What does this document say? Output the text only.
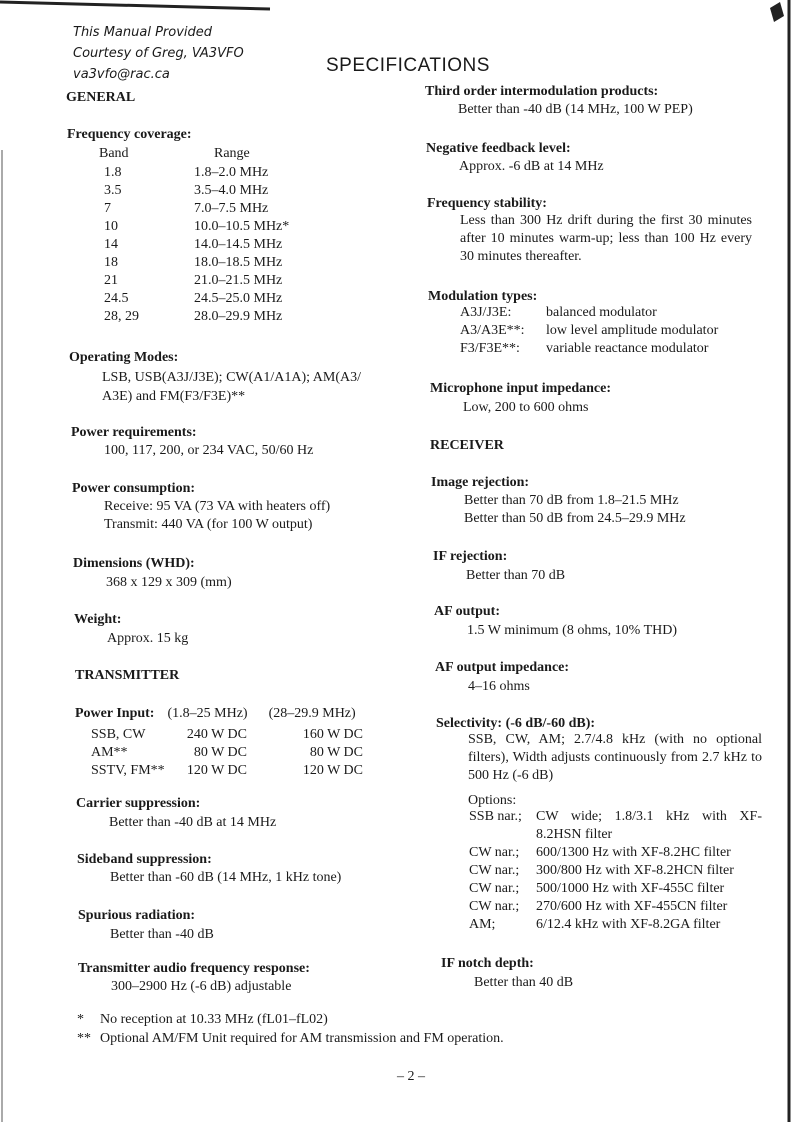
This Manual Provided
Courtesy of Greg, VA3VFO
va3vfo@rac.ca	SPECIFICATIONS
GENERAL
Frequency coverage:
Band	Range
1.8	1.8–2.0 MHz
3.5	3.5–4.0 MHz
7	7.0–7.5 MHz
10	10.0–10.5 MHz*
14	14.0–14.5 MHz
18	18.0–18.5 MHz
21	21.0–21.5 MHz
24.5	24.5–25.0 MHz
28, 29	28.0–29.9 MHz
Operating Modes:
LSB, USB(A3J/J3E); CW(A1/A1A); AM(A3/
A3E) and FM(F3/F3E)**
Power requirements:
100, 117, 200, or 234 VAC, 50/60 Hz
Power consumption:
Receive: 95 VA (73 VA with heaters off)
Transmit: 440 VA (for 100 W output)
Dimensions (WHD):
368 x 129 x 309 (mm)
Weight:
Approx. 15 kg
TRANSMITTER
Power Input: (1.8–25 MHz) (28–29.9 MHz)
SSB, CW	240 W DC		160 W DC
AM**	80 W DC		80 W DC
SSTV, FM**	120 W DC		120 W DC
Carrier suppression:
Better than -40 dB at 14 MHz
Sideband suppression:
Better than -60 dB (14 MHz, 1 kHz tone)
Spurious radiation:
Better than -40 dB
Transmitter audio frequency response:
300–2900 Hz (-6 dB) adjustable
Third order intermodulation products:
Better than -40 dB (14 MHz, 100 W PEP)
Negative feedback level:
Approx. -6 dB at 14 MHz
Frequency stability:
Less than 300 Hz drift during the first 30 minutes after 10 minutes warm-up; less than 100 Hz every 30 minutes thereafter.
Modulation types:
A3J/J3E:	balanced modulator
A3/A3E**:	low level amplitude modulator
F3/F3E**:	variable reactance modulator
Microphone input impedance:
Low, 200 to 600 ohms
RECEIVER
Image rejection:
Better than 70 dB from 1.8–21.5 MHz
Better than 50 dB from 24.5–29.9 MHz
IF rejection:
Better than 70 dB
AF output:
1.5 W minimum (8 ohms, 10% THD)
AF output impedance:
4–16 ohms
Selectivity: (-6 dB/-60 dB):
SSB, CW, AM; 2.7/4.8 kHz (with no optional filters), Width adjusts continuously from 2.7 kHz to 500 Hz (-6 dB)
Options:
SSB nar.;	CW wide; 1.8/3.1 kHz with XF-8.2HSN filter
CW nar.;	600/1300 Hz with XF-8.2HC filter
CW nar.;	300/800 Hz with XF-8.2HCN filter
CW nar.;	500/1000 Hz with XF-455C filter
CW nar.;	270/600 Hz with XF-455CN filter
AM;	6/12.4 kHz with XF-8.2GA filter
IF notch depth:
Better than 40 dB
* No reception at 10.33 MHz (fL01–fL02)
** Optional AM/FM Unit required for AM transmission and FM operation.
– 2 –
